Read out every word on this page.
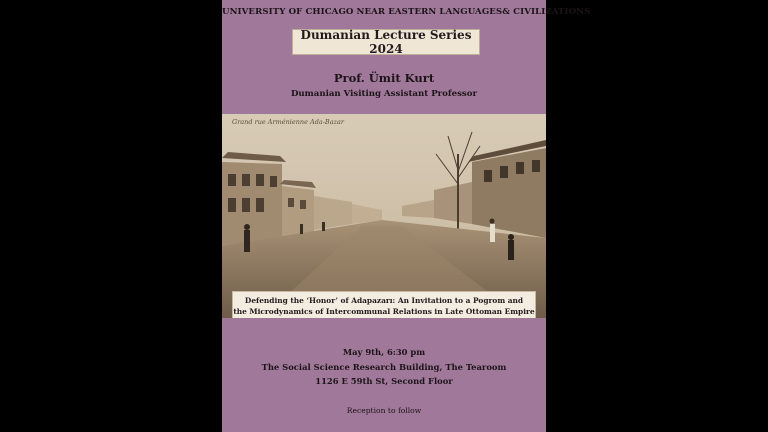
UNIVERSITY OF CHICAGO NEAR EASTERN LANGUAGES& CIVILIZATIONS
Dumanian Lecture Series 2024
Prof. Ümit Kurt
Dumanian Visiting Assistant Professor
Grand rue Arménienne Ada-Bazar
Defending the ‘Honor’ of Adapazarı: An Invitation to a Pogrom and
the Microdynamics of Intercommunal Relations in Late Ottoman Empire
May 9th, 6:30 pm
The Social Science Research Building, The Tearoom
1126 E 59th St, Second Floor
Reception to follow
